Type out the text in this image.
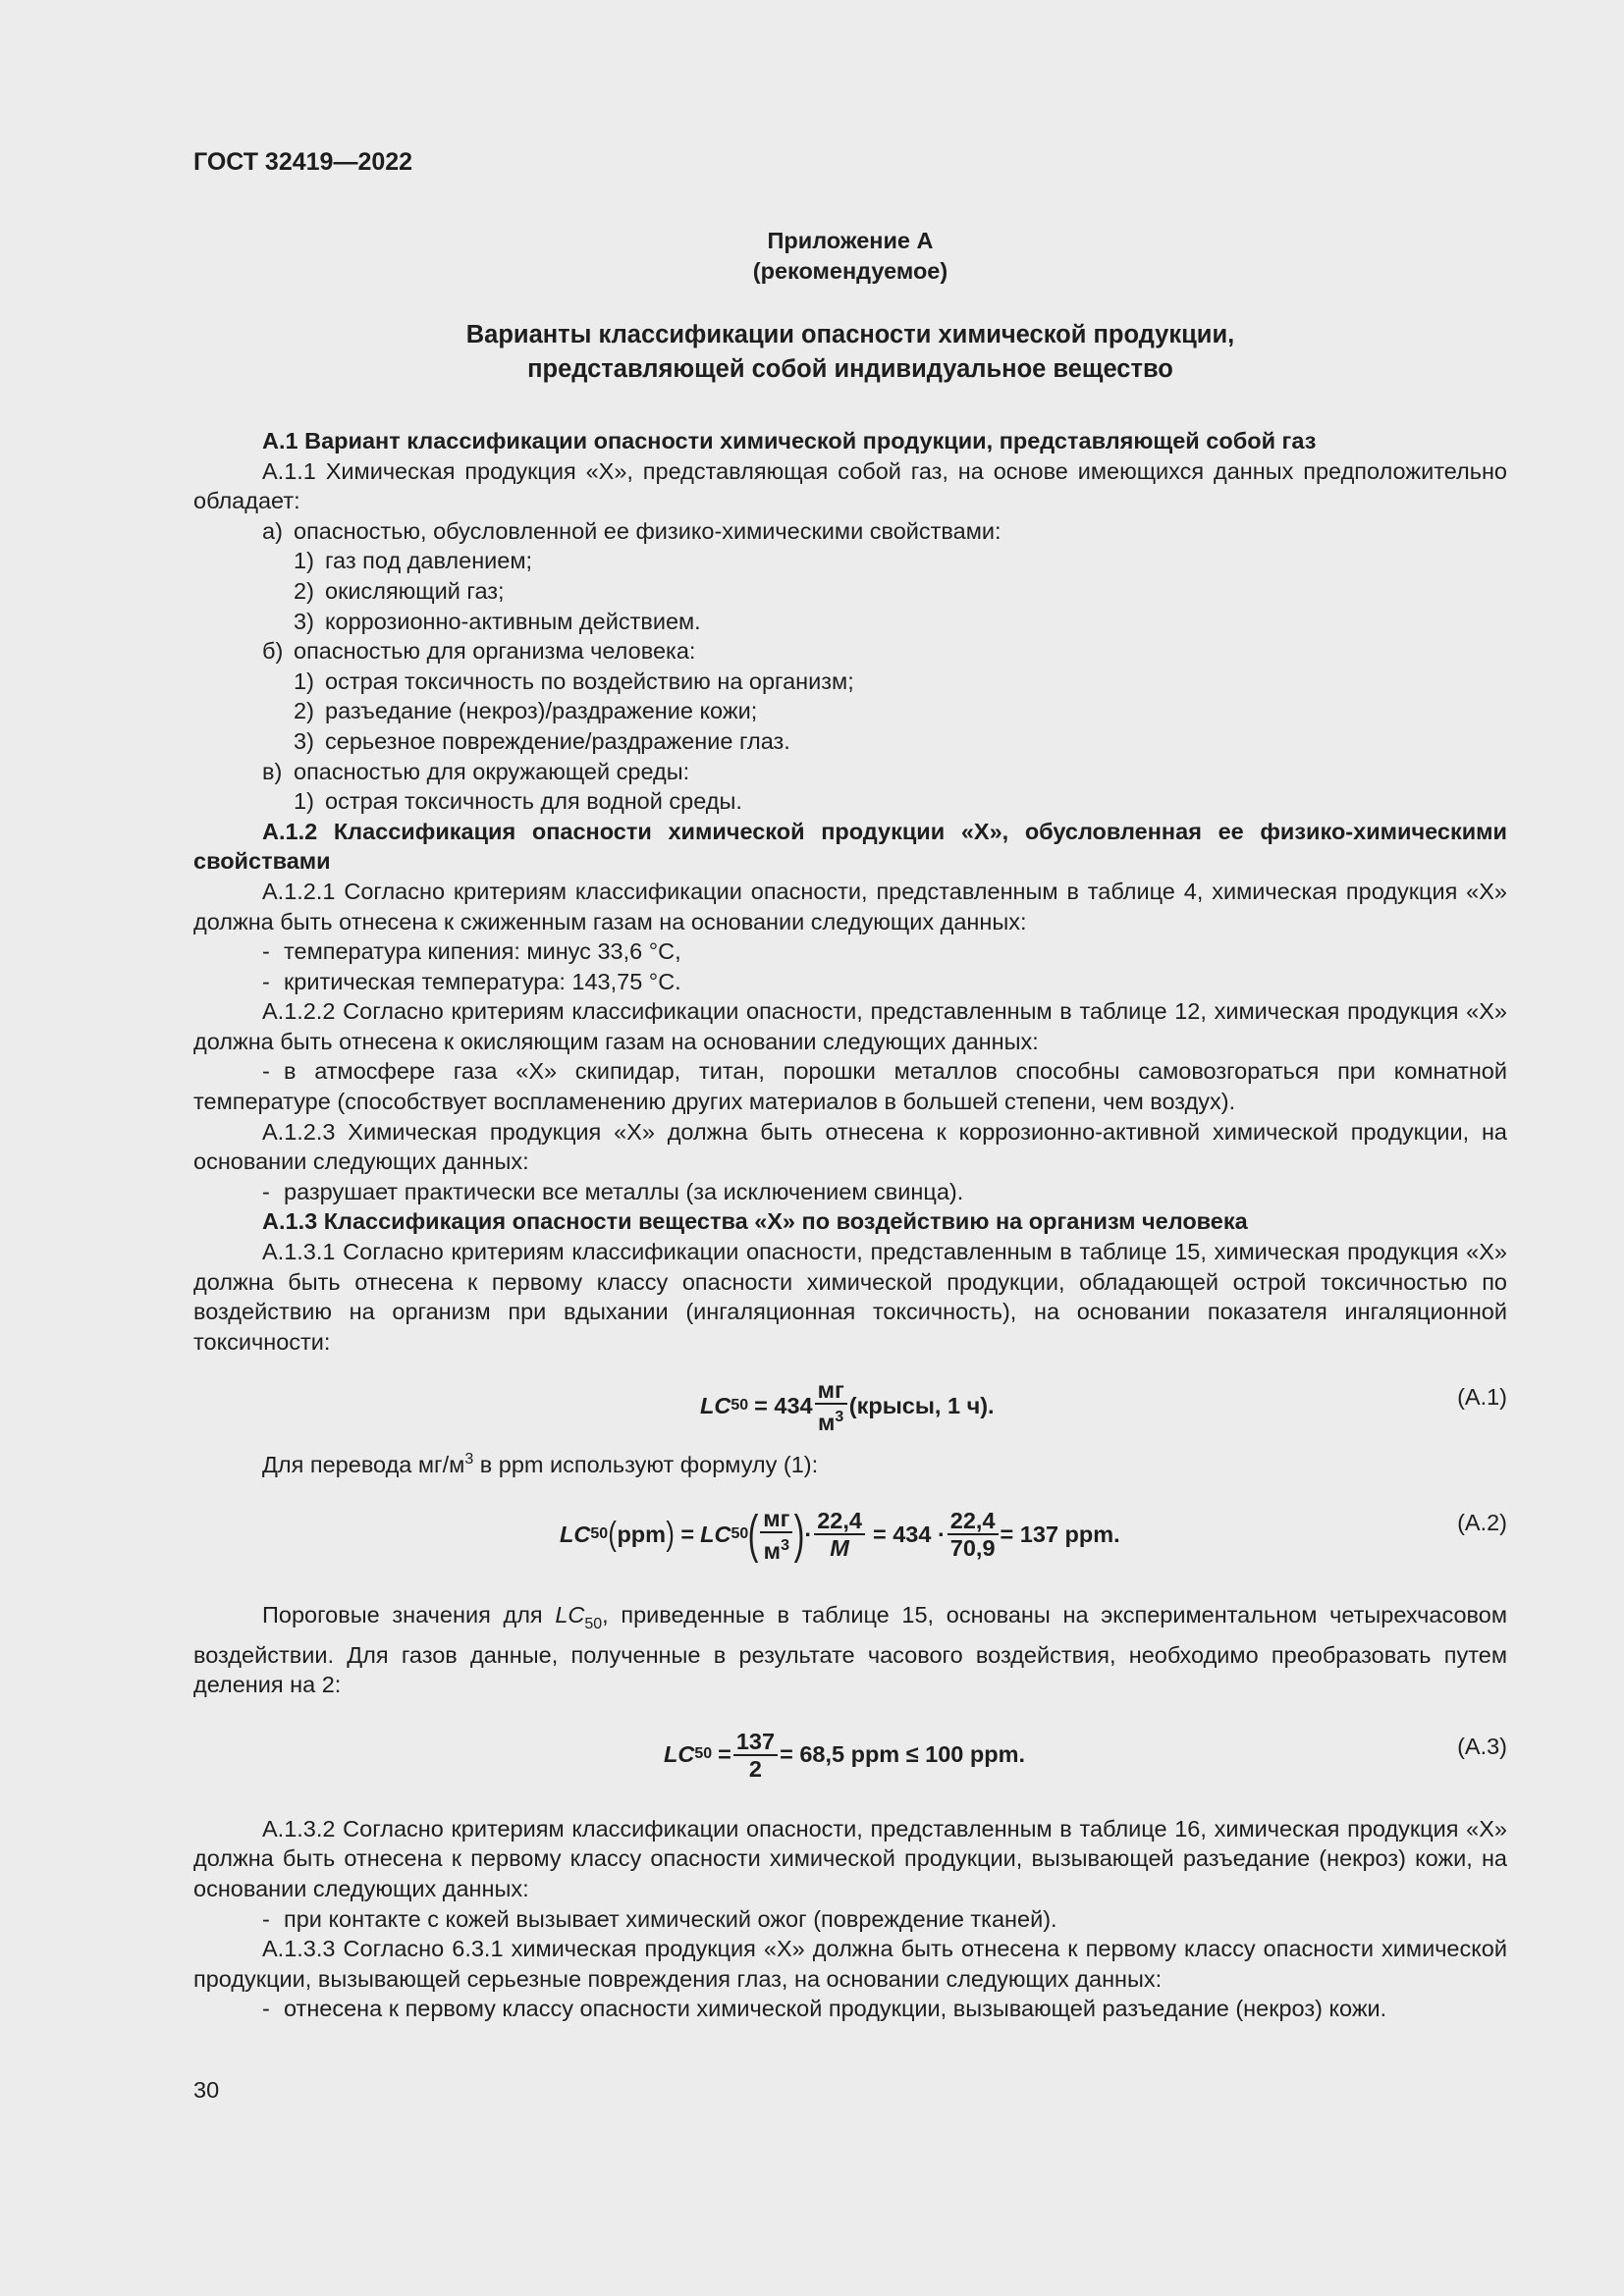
ГОСТ 32419—2022
Приложение А
(рекомендуемое)
Варианты классификации опасности химической продукции,
представляющей собой индивидуальное вещество

А.1 Вариант классификации опасности химической продукции, представляющей собой газ

А.1.1 Химическая продукция «Х», представляющая собой газ, на основе имеющихся данных предположительно обладает:

а) опасностью, обусловленной ее физико-химическими свойствами:

1) газ под давлением;

2) окисляющий газ;

3) коррозионно-активным действием.

б) опасностью для организма человека:

1) острая токсичность по воздействию на организм;

2) разъедание (некроз)/раздражение кожи;

3) серьезное повреждение/раздражение глаз.

в) опасностью для окружающей среды:

1) острая токсичность для водной среды.

А.1.2 Классификация опасности химической продукции «Х», обусловленная ее физико-химическими свойствами

А.1.2.1 Согласно критериям классификации опасности, представленным в таблице 4, химическая продукция «Х» должна быть отнесена к сжиженным газам на основании следующих данных:

- температура кипения: минус 33,6 °С,

- критическая температура: 143,75 °С.

А.1.2.2 Согласно критериям классификации опасности, представленным в таблице 12, химическая продукция «Х» должна быть отнесена к окисляющим газам на основании следующих данных:

- в атмосфере газа «Х» скипидар, титан, порошки металлов способны самовозгораться при комнатной температуре (способствует воспламенению других материалов в большей степени, чем воздух).

А.1.2.3 Химическая продукция «Х» должна быть отнесена к коррозионно-активной химической продукции, на основании следующих данных:

- разрушает практически все металлы (за исключением свинца).

А.1.3 Классификация опасности вещества «Х» по воздействию на организм человека

А.1.3.1 Согласно критериям классификации опасности, представленным в таблице 15, химическая продукция «Х» должна быть отнесена к первому классу опасности химической продукции, обладающей острой токсичностью по воздействию на организм при вдыхании (ингаляционная токсичность), на основании показателя ингаляционной токсичности:

LC $50 = 434 \frac{мг}{м^3}$ (крысы, 1 ч).	(А.1)

Для перевода $мг/м^3$ в ppm используют формулу (1):

LC 50 ( ppm ) = LC 50 ( $\frac{мг}{м^3}$ ) · $\frac{22,4}{M} = 434 \cdot \frac{22,4}{70,9} = 137$ ppm.	(А.2)

Пороговые значения для $LC_{50}$, приведенные в таблице 15, основаны на экспериментальном четырехчасовом воздействии. Для газов данные, полученные в результате часового воздействия, необходимо преобразовать путем деления на 2:

LC $50 = \frac{137}{2} = 68,5$ ppm ≤ 100 ppm.	(А.3)

А.1.3.2 Согласно критериям классификации опасности, представленным в таблице 16, химическая продукция «Х» должна быть отнесена к первому классу опасности химической продукции, вызывающей разъедание (некроз) кожи, на основании следующих данных:

- при контакте с кожей вызывает химический ожог (повреждение тканей).

А.1.3.3 Согласно 6.3.1 химическая продукция «Х» должна быть отнесена к первому классу опасности химической продукции, вызывающей серьезные повреждения глаз, на основании следующих данных:

- отнесена к первому классу опасности химической продукции, вызывающей разъедание (некроз) кожи.

30
